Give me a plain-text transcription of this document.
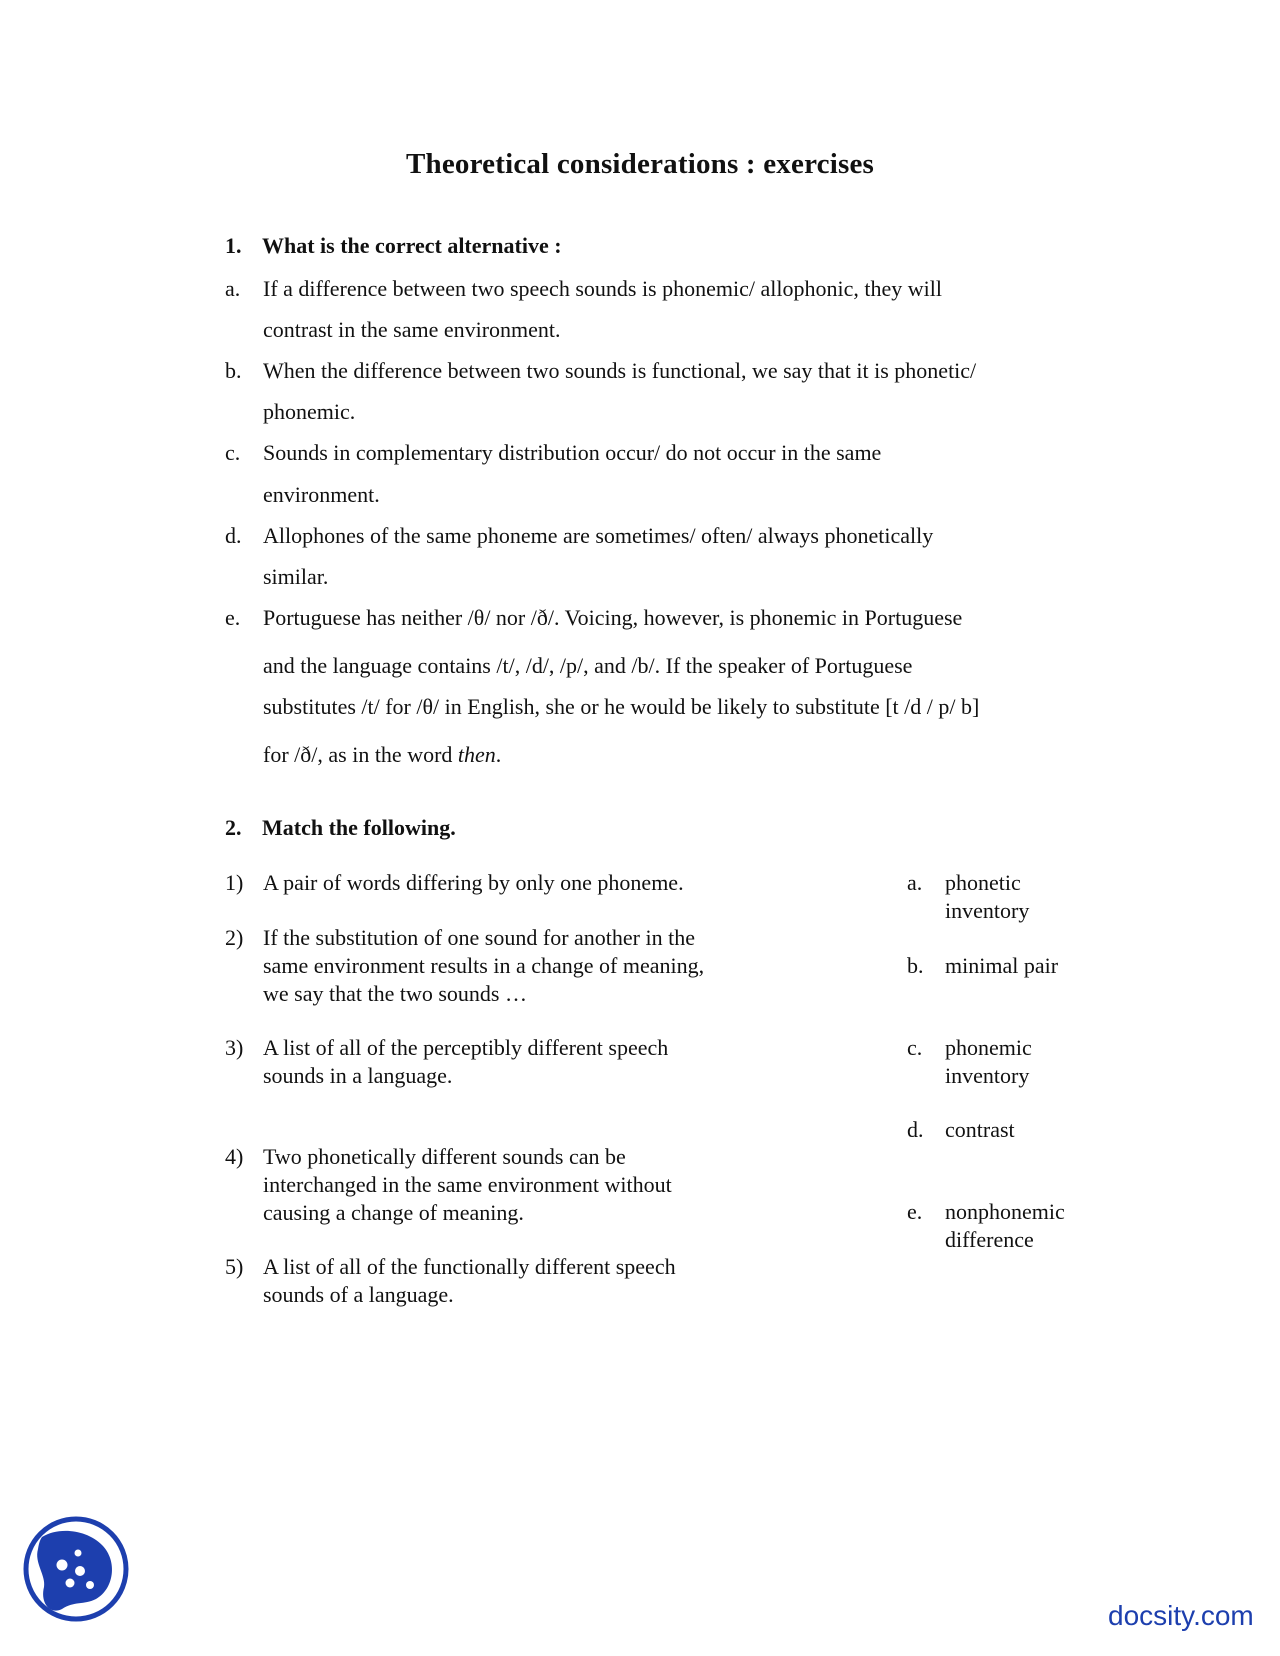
Theoretical considerations : exercises
1. What is the correct alternative :
a. If a difference between two speech sounds is phonemic/ allophonic, they will
contrast in the same environment.
b. When the difference between two sounds is functional, we say that it is phonetic/
phonemic.
c. Sounds in complementary distribution occur/ do not occur in the same
environment.
d. Allophones of the same phoneme are sometimes/ often/ always phonetically
similar.
e. Portuguese has neither /θ/ nor /ð/. Voicing, however, is phonemic in Portuguese
and the language contains /t/, /d/, /p/, and /b/. If the speaker of Portuguese
substitutes /t/ for /θ/ in English, she or he would be likely to substitute [t /d / p/ b]
for /ð/, as in the word then.
2. Match the following.
1) A pair of words differing by only one phoneme.
2) If the substitution of one sound for another in the
same environment results in a change of meaning,
we say that the two sounds …
3) A list of all of the perceptibly different speech
sounds in a language.
4) Two phonetically different sounds can be
interchanged in the same environment without
causing a change of meaning.
5) A list of all of the functionally different speech
sounds of a language.
a. phonetic
inventory
b. minimal pair
c. phonemic
inventory
d. contrast
e. nonphonemic
difference
docsity.com
